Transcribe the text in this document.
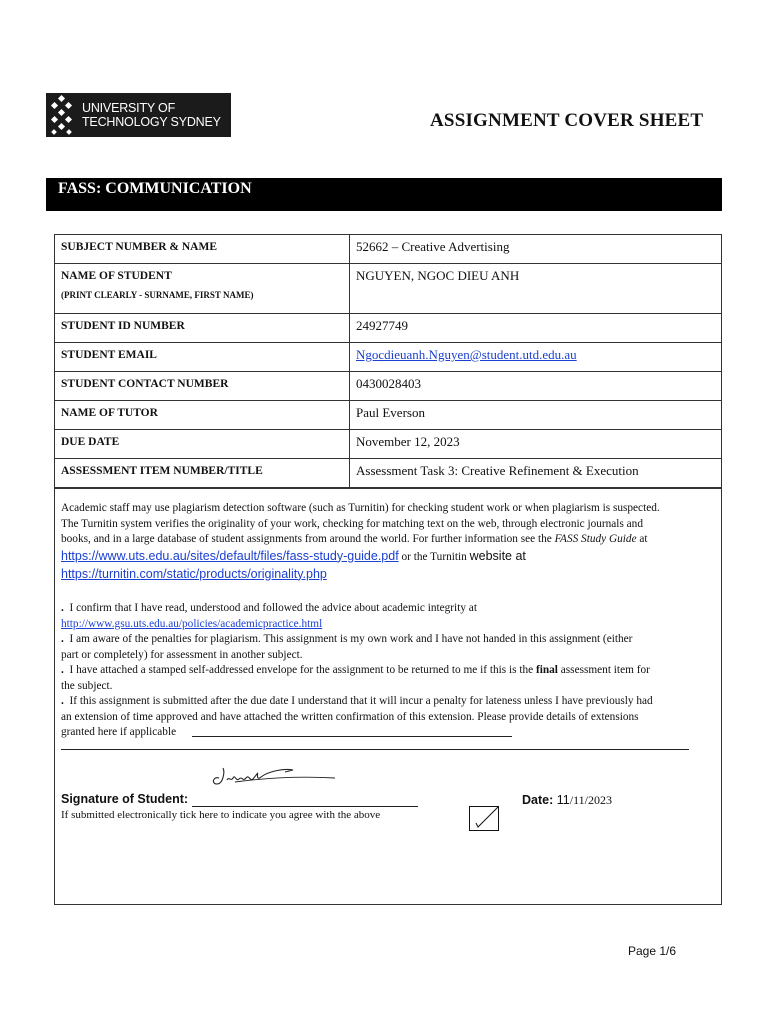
UNIVERSITY OF
TECHNOLOGY SYDNEY	ASSIGNMENT COVER SHEET
FASS: COMMUNICATION
SUBJECT NUMBER & NAME	52662 – Creative Advertising
NAME OF STUDENT
(PRINT CLEARLY - SURNAME, FIRST NAME)	NGUYEN, NGOC DIEU ANH
STUDENT ID NUMBER	24927749
STUDENT EMAIL	Ngocdieuanh.Nguyen@student.utd.edu.au
STUDENT CONTACT NUMBER	0430028403
NAME OF TUTOR	Paul Everson
DUE DATE	November 12, 2023
ASSESSMENT ITEM NUMBER/TITLE	Assessment Task 3: Creative Refinement & Execution
Academic staff may use plagiarism detection software (such as Turnitin) for checking student work or when plagiarism is suspected.
The Turnitin system verifies the originality of your work, checking for matching text on the web, through electronic journals and
books, and in a large database of student assignments from around the world. For further information see the FASS Study Guide at
https://www.uts.edu.au/sites/default/files/fass-study-guide.pdf or the Turnitin website at
https://turnitin.com/static/products/originality.php
. I confirm that I have read, understood and followed the advice about academic integrity at
http://www.gsu.uts.edu.au/policies/academicpractice.html
. I am aware of the penalties for plagiarism. This assignment is my own work and I have not handed in this assignment (either
part or completely) for assessment in another subject.
. I have attached a stamped self-addressed envelope for the assignment to be returned to me if this is the final assessment item for
the subject.
. If this assignment is submitted after the due date I understand that it will incur a penalty for lateness unless I have previously had
an extension of time approved and have attached the written confirmation of this extension. Please provide details of extensions
granted here if applicable
Signature of Student:	Date: 11/11/2023
If submitted electronically tick here to indicate you agree with the above
Page 1/6
